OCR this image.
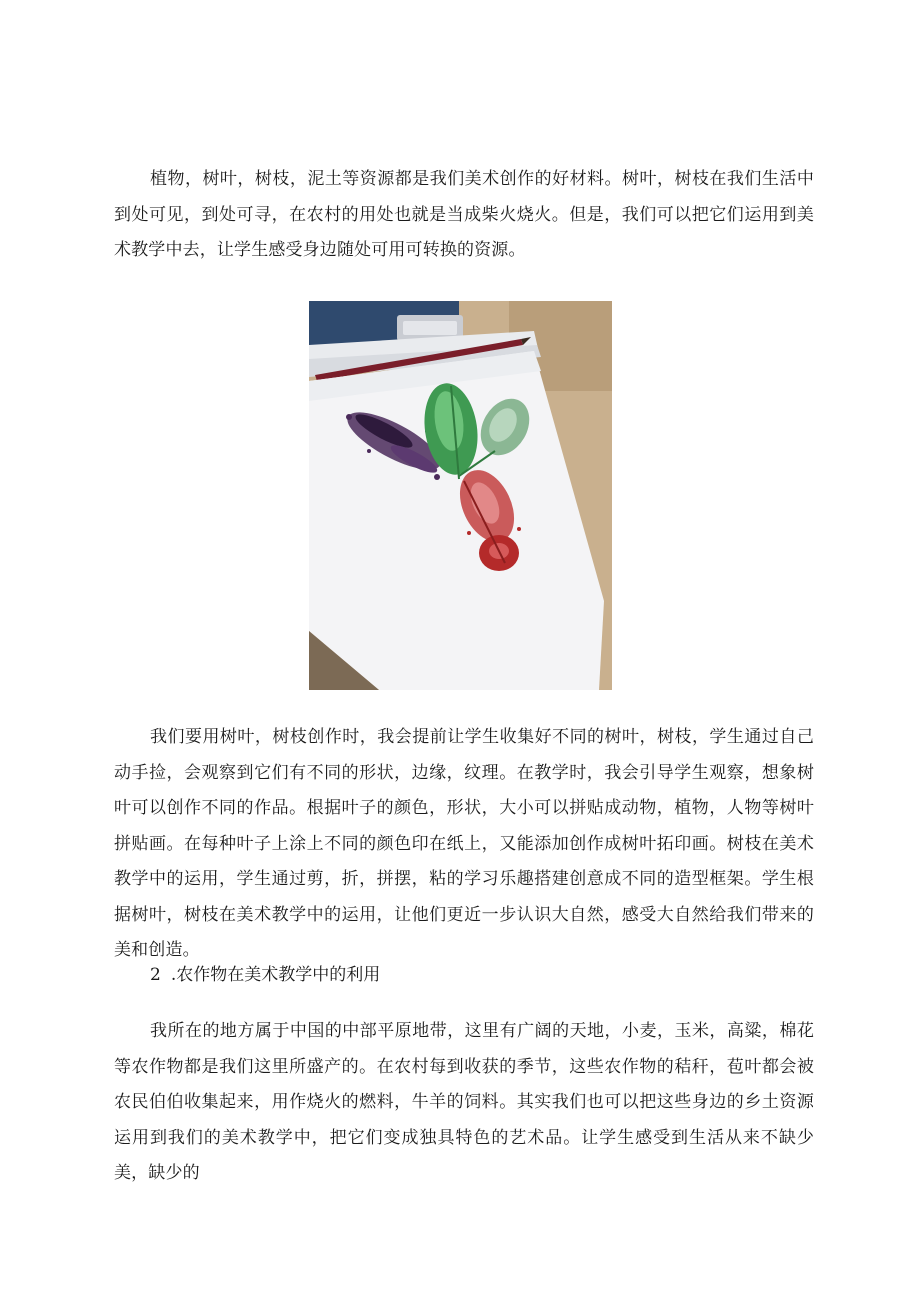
植物，树叶，树枝，泥土等资源都是我们美术创作的好材料。树叶，树枝在我们生活中到处可见，到处可寻，在农村的用处也就是当成柴火烧火。但是，我们可以把它们运用到美术教学中去，让学生感受身边随处可用可转换的资源。

我们要用树叶，树枝创作时，我会提前让学生收集好不同的树叶，树枝，学生通过自己动手捡，会观察到它们有不同的形状，边缘，纹理。在教学时，我会引导学生观察，想象树叶可以创作不同的作品。根据叶子的颜色，形状，大小可以拼贴成动物，植物，人物等树叶拼贴画。在每种叶子上涂上不同的颜色印在纸上，又能添加创作成树叶拓印画。树枝在美术教学中的运用，学生通过剪，折，拼摆，粘的学习乐趣搭建创意成不同的造型框架。学生根据树叶，树枝在美术教学中的运用，让他们更近一步认识大自然，感受大自然给我们带来的美和创造。

2 .农作物在美术教学中的利用

我所在的地方属于中国的中部平原地带，这里有广阔的天地，小麦，玉米，高粱，棉花等农作物都是我们这里所盛产的。在农村每到收获的季节，这些农作物的秸秆，苞叶都会被农民伯伯收集起来，用作烧火的燃料，牛羊的饲料。其实我们也可以把这些身边的乡土资源运用到我们的美术教学中，把它们变成独具特色的艺术品。让学生感受到生活从来不缺少美，缺少的
